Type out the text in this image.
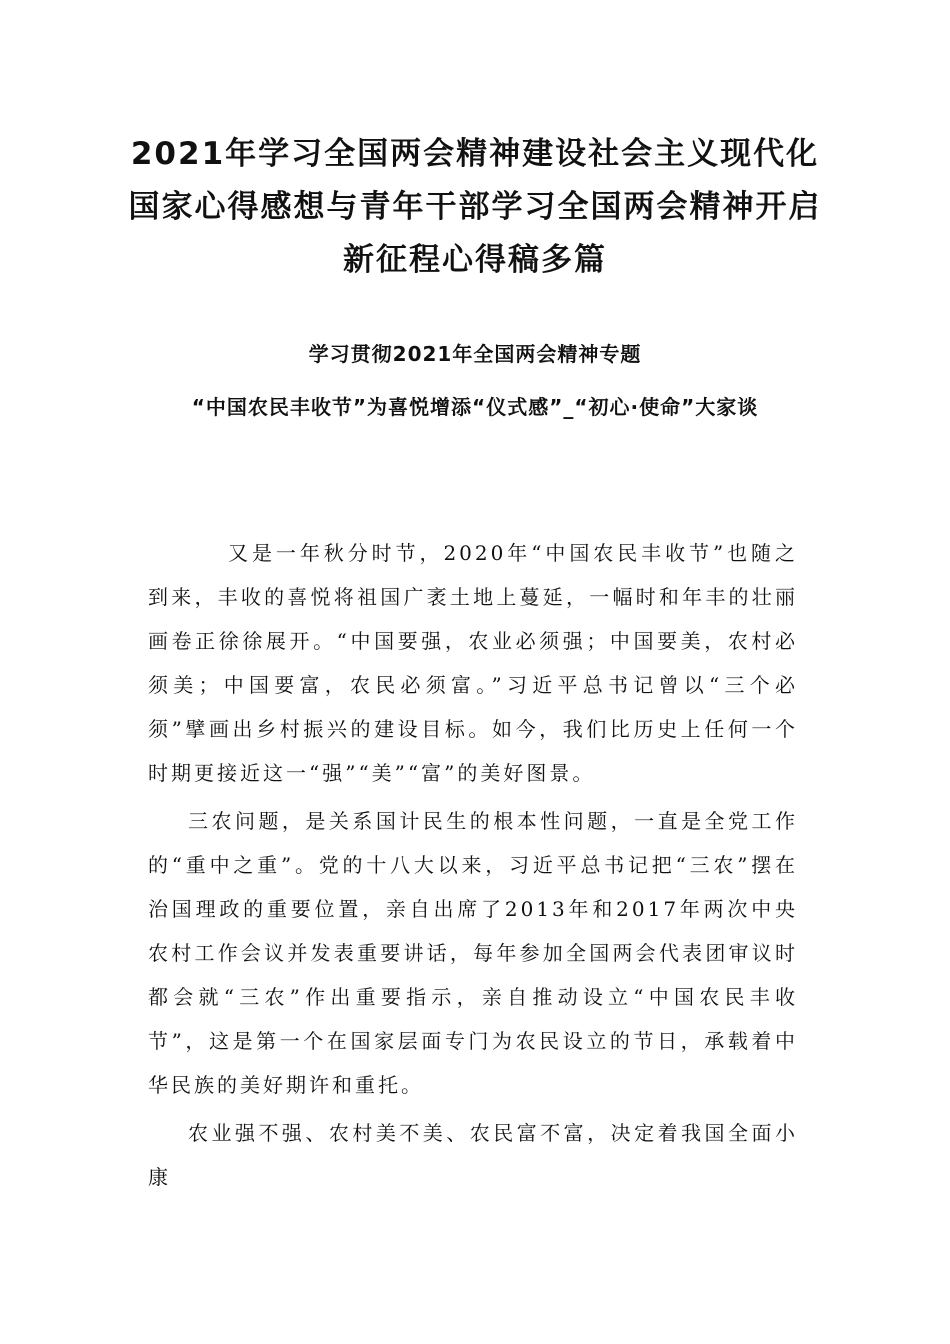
2021年学习全国两会精神建设社会主义现代化国家心得感想与青年干部学习全国两会精神开启新征程心得稿多篇
学习贯彻2021年全国两会精神专题
“中国农民丰收节”为喜悦增添“仪式感”_“初心·使命”大家谈

又是一年秋分时节，2020年“中国农民丰收节”也随之到来，丰收的喜悦将祖国广袤土地上蔓延，一幅时和年丰的壮丽画卷正徐徐展开。“中国要强，农业必须强；中国要美，农村必须美；中国要富，农民必须富。”习近平总书记曾以“三个必须”擘画出乡村振兴的建设目标。如今，我们比历史上任何一个时期更接近这一“强”“美”“富”的美好图景。

三农问题，是关系国计民生的根本性问题，一直是全党工作的“重中之重”。党的十八大以来，习近平总书记把“三农”摆在治国理政的重要位置，亲自出席了2013年和2017年两次中央农村工作会议并发表重要讲话，每年参加全国两会代表团审议时都会就“三农”作出重要指示，亲自推动设立“中国农民丰收节”，这是第一个在国家层面专门为农民设立的节日，承载着中华民族的美好期许和重托。

农业强不强、农村美不美、农民富不富，决定着我国全面小康
